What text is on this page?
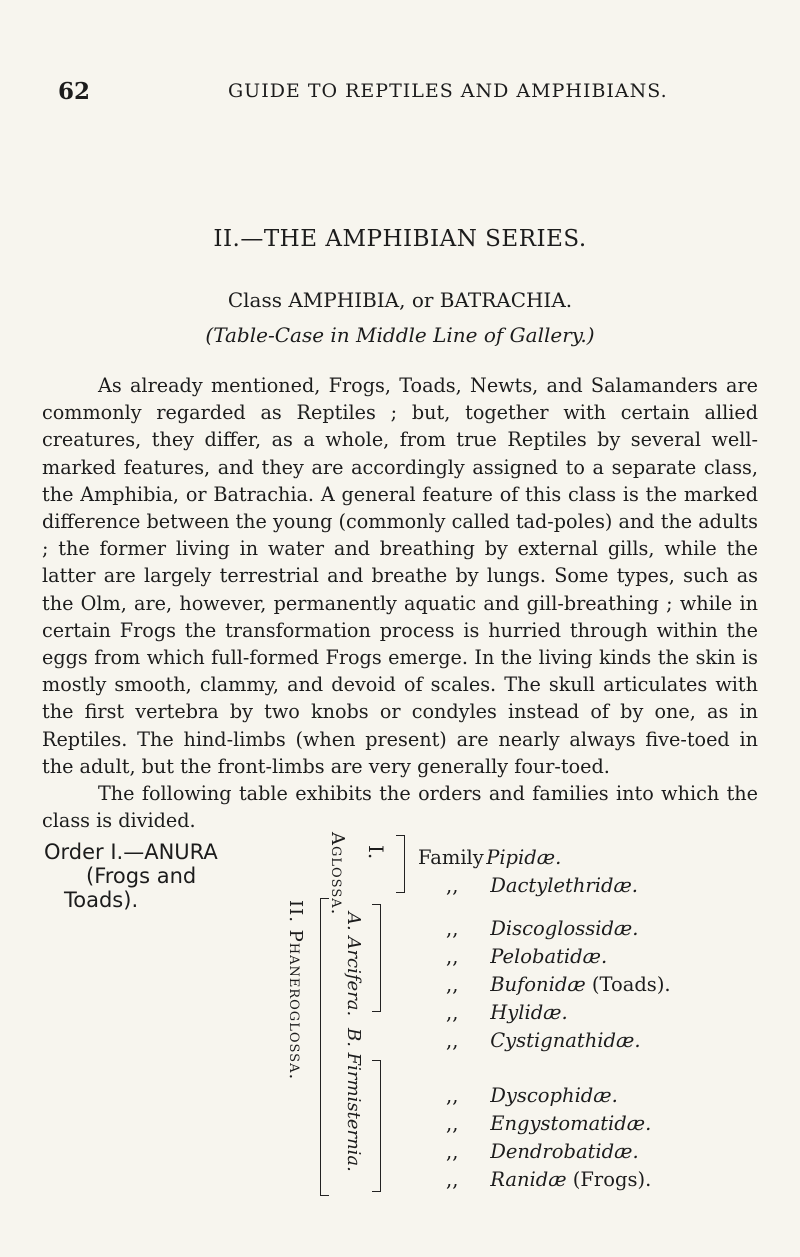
62	GUIDE TO REPTILES AND AMPHIBIANS.
II.—THE AMPHIBIAN SERIES.
Class AMPHIBIA, or BATRACHIA.
(Table-Case in Middle Line of Gallery.)

As already mentioned, Frogs, Toads, Newts, and Salamanders are commonly regarded as Reptiles ; but, together with certain allied creatures, they differ, as a whole, from true Reptiles by several well-marked features, and they are accordingly assigned to a separate class, the Amphibia, or Batrachia. A general feature of this class is the marked difference between the young (commonly called tad-poles) and the adults ; the former living in water and breathing by external gills, while the latter are largely terrestrial and breathe by lungs. Some types, such as the Olm, are, however, permanently aquatic and gill-breathing ; while in certain Frogs the transformation process is hurried through within the eggs from which full-formed Frogs emerge. In the living kinds the skin is mostly smooth, clammy, and devoid of scales. The skull articulates with the first vertebra by two knobs or condyles instead of by one, as in Reptiles. The hind-limbs (when present) are nearly always five-toed in the adult, but the front-limbs are very generally four-toed.

The following table exhibits the orders and families into which the class is divided.

Order I.—ANURA
(Frogs and
Toads).	Aglossa. I.
II. Phaneroglossa. A. Arcifera.
B. Firmisternia.
Family Pipidæ.
,, Dactylethridæ.
,, Discoglossidæ.
,, Pelobatidæ.
,, Bufonidæ (Toads).
,, Hylidæ.
,, Cystignathidæ.
,, Dyscophidæ.
,, Engystomatidæ.
,, Dendrobatidæ.
,, Ranidæ (Frogs).
